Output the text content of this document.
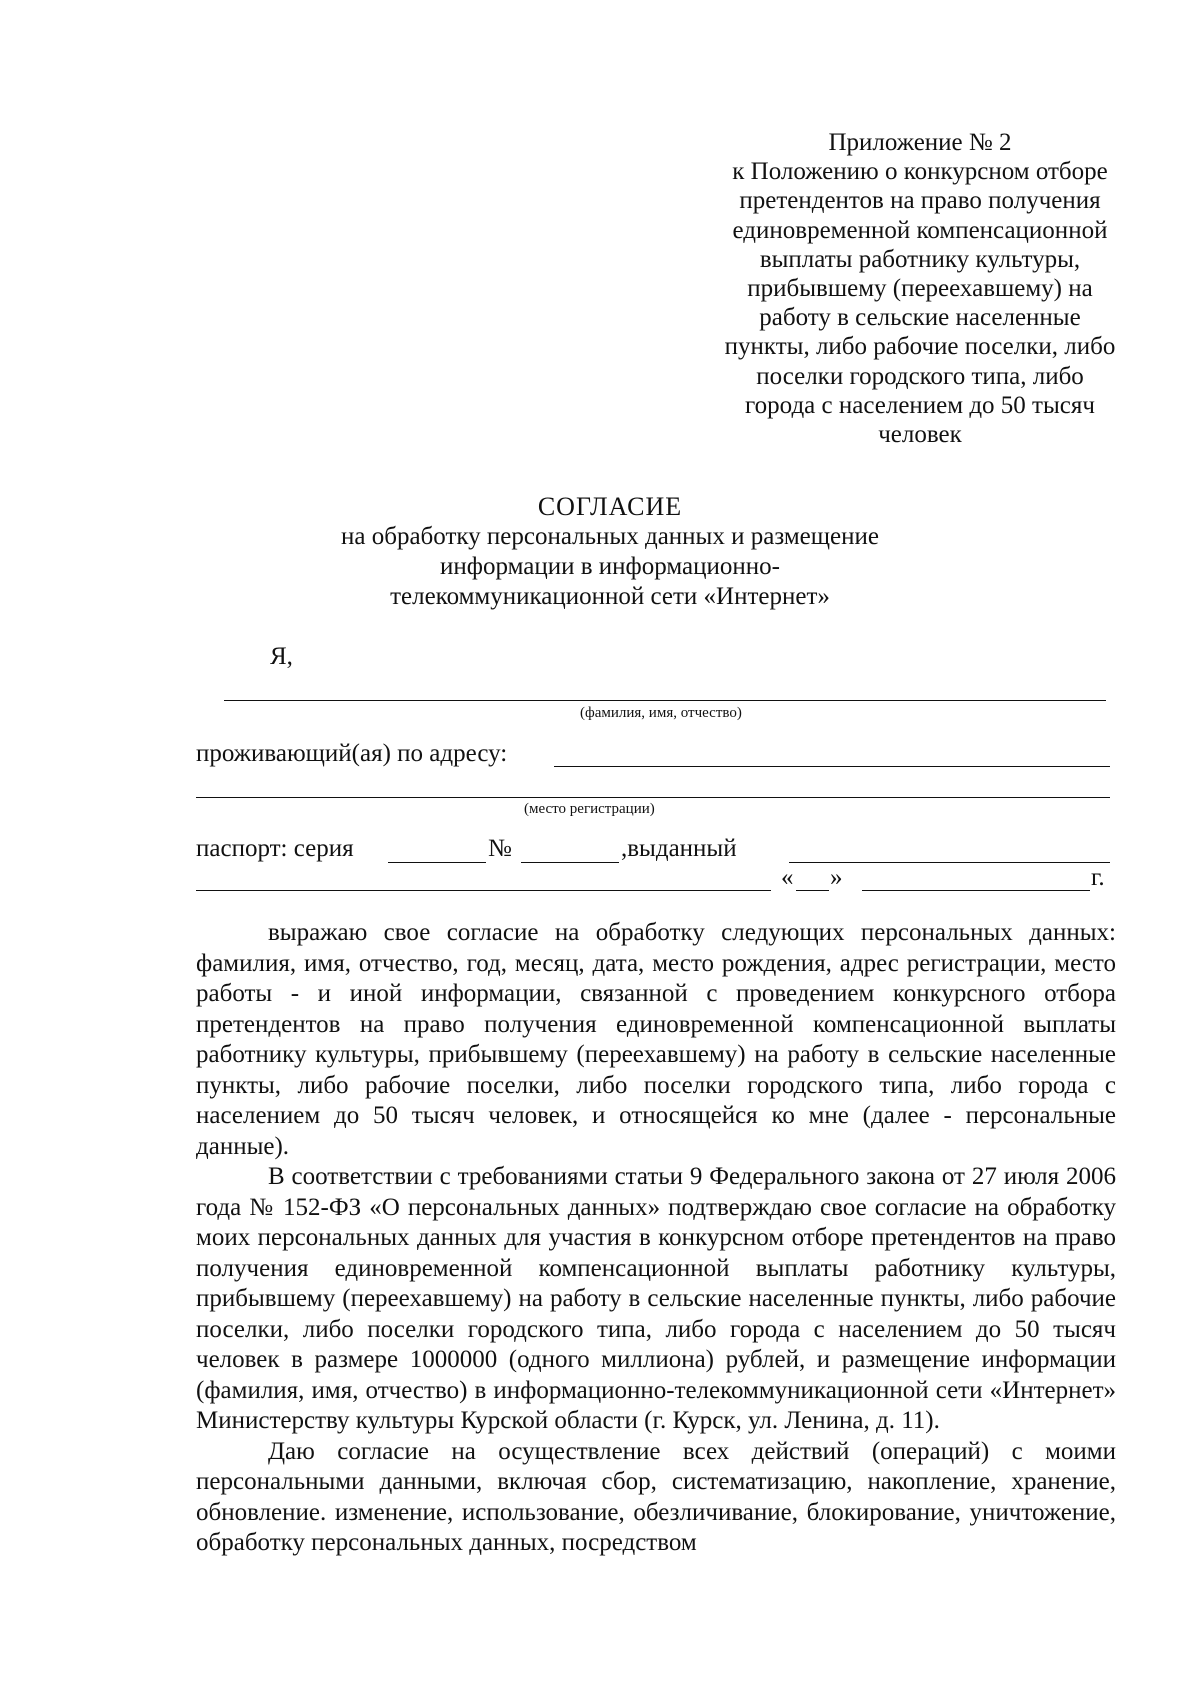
Приложение № 2
к Положению о конкурсном отборе
претендентов на право получения
единовременной компенсационной
выплаты работнику культуры,
прибывшему (переехавшему) на
работу в сельские населенные
пункты, либо рабочие поселки, либо
поселки городского типа, либо
города с населением до 50 тысяч
человек
СОГЛАСИЕ
на обработку персональных данных и размещение
информации в информационно-
телекоммуникационной сети «Интернет»
Я,
(фамилия, имя, отчество)
проживающий(ая) по адресу:
(место регистрации)
паспорт: серия	№	,выданный
« »	г.

выражаю свое согласие на обработку следующих персональных данных: фамилия, имя, отчество, год, месяц, дата, место рождения, адрес регистрации, место работы - и иной информации, связанной с проведением конкурсного отбора претендентов на право получения единовременной компенсационной выплаты работнику культуры, прибывшему (переехавшему) на работу в сельские населенные пункты, либо рабочие поселки, либо поселки городского типа, либо города с населением до 50 тысяч человек, и относящейся ко мне (далее - персональные данные).

В соответствии с требованиями статьи 9 Федерального закона от 27 июля 2006 года № 152-ФЗ «О персональных данных» подтверждаю свое согласие на обработку моих персональных данных для участия в конкурсном отборе претендентов на право получения единовременной компенсационной выплаты работнику культуры, прибывшему (переехавшему) на работу в сельские населенные пункты, либо рабочие поселки, либо поселки городского типа, либо города с населением до 50 тысяч человек в размере 1000000 (одного миллиона) рублей, и размещение информации (фамилия, имя, отчество) в информационно-телекоммуникационной сети «Интернет» Министерству культуры Курской области (г. Курск, ул. Ленина, д. 11).

Даю согласие на осуществление всех действий (операций) с моими персональными данными, включая сбор, систематизацию, накопление, хранение, обновление. изменение, использование, обезличивание, блокирование, уничтожение, обработку персональных данных, посредством
